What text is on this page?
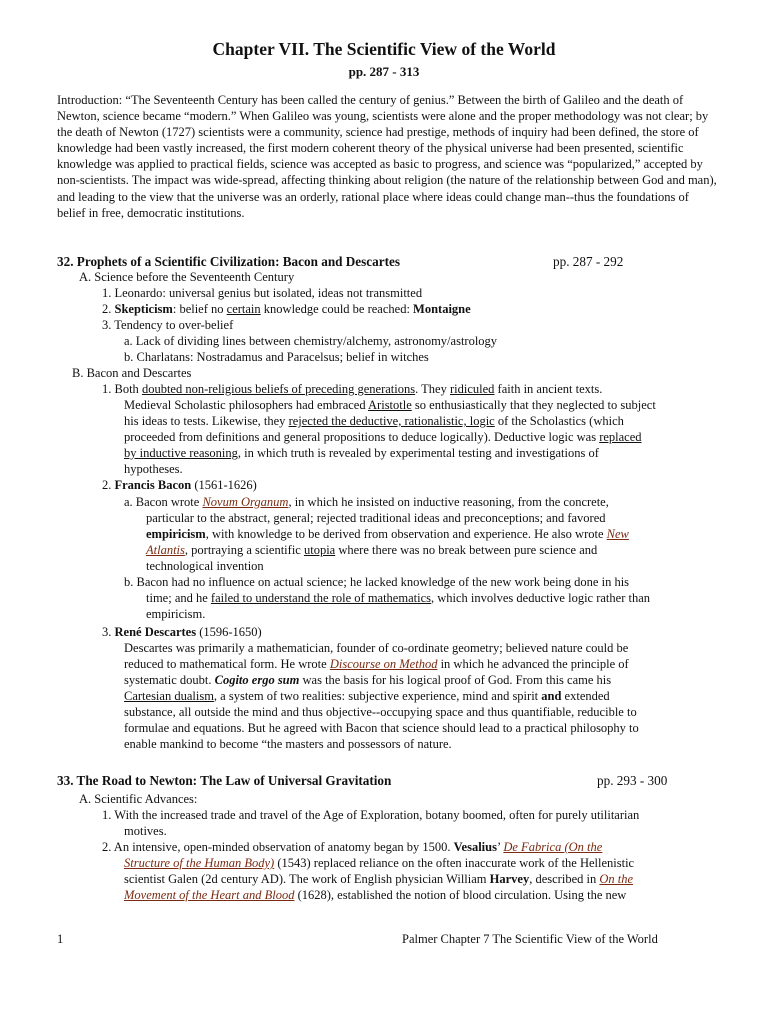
Chapter VII. The Scientific View of the World
pp. 287 - 313
Introduction: “The Seventeenth Century has been called the century of genius.” Between the birth of Galileo and the death of Newton, science became “modern.” When Galileo was young, scientists were alone and the proper methodology was not clear; by the death of Newton (1727) scientists were a community, science had prestige, methods of inquiry had been defined, the store of knowledge had been vastly increased, the first modern coherent theory of the physical universe had been presented, scientific knowledge was applied to practical fields, science was accepted as basic to progress, and science was “popularized,” accepted by non-scientists. The impact was wide-spread, affecting thinking about religion (the nature of the relationship between God and man), and leading to the view that the universe was an orderly, rational place where ideas could change man--thus the foundations of belief in free, democratic institutions.
32. Prophets of a Scientific Civilization: Bacon and Descartes	pp. 287 - 292
A. Science before the Seventeenth Century
1. Leonardo: universal genius but isolated, ideas not transmitted
2. Skepticism: belief no certain knowledge could be reached: Montaigne
3. Tendency to over-belief
a. Lack of dividing lines between chemistry/alchemy, astronomy/astrology
b. Charlatans: Nostradamus and Paracelsus; belief in witches
B. Bacon and Descartes
1. Both doubted non-religious beliefs of preceding generations. They ridiculed faith in ancient texts.
Medieval Scholastic philosophers had embraced Aristotle so enthusiastically that they neglected to subject
his ideas to tests. Likewise, they rejected the deductive, rationalistic, logic of the Scholastics (which
proceeded from definitions and general propositions to deduce logically). Deductive logic was replaced
by inductive reasoning, in which truth is revealed by experimental testing and investigations of
hypotheses.
2. Francis Bacon (1561-1626)
a. Bacon wrote Novum Organum, in which he insisted on inductive reasoning, from the concrete,
particular to the abstract, general; rejected traditional ideas and preconceptions; and favored
empiricism, with knowledge to be derived from observation and experience. He also wrote New
Atlantis, portraying a scientific utopia where there was no break between pure science and
technological invention
b. Bacon had no influence on actual science; he lacked knowledge of the new work being done in his
time; and he failed to understand the role of mathematics, which involves deductive logic rather than
empiricism.
3. René Descartes (1596-1650)
Descartes was primarily a mathematician, founder of co-ordinate geometry; believed nature could be
reduced to mathematical form. He wrote Discourse on Method in which he advanced the principle of
systematic doubt. Cogito ergo sum was the basis for his logical proof of God. From this came his
Cartesian dualism, a system of two realities: subjective experience, mind and spirit and extended
substance, all outside the mind and thus objective--occupying space and thus quantifiable, reducible to
formulae and equations. But he agreed with Bacon that science should lead to a practical philosophy to
enable mankind to become “the masters and possessors of nature.
33. The Road to Newton: The Law of Universal Gravitation	pp. 293 - 300
A. Scientific Advances:
1. With the increased trade and travel of the Age of Exploration, botany boomed, often for purely utilitarian
motives.
2. An intensive, open-minded observation of anatomy began by 1500. Vesalius’ De Fabrica (On the
Structure of the Human Body) (1543) replaced reliance on the often inaccurate work of the Hellenistic
scientist Galen (2d century AD). The work of English physician William Harvey, described in On the
Movement of the Heart and Blood (1628), established the notion of blood circulation. Using the new
1	Palmer Chapter 7 The Scientific View of the World
